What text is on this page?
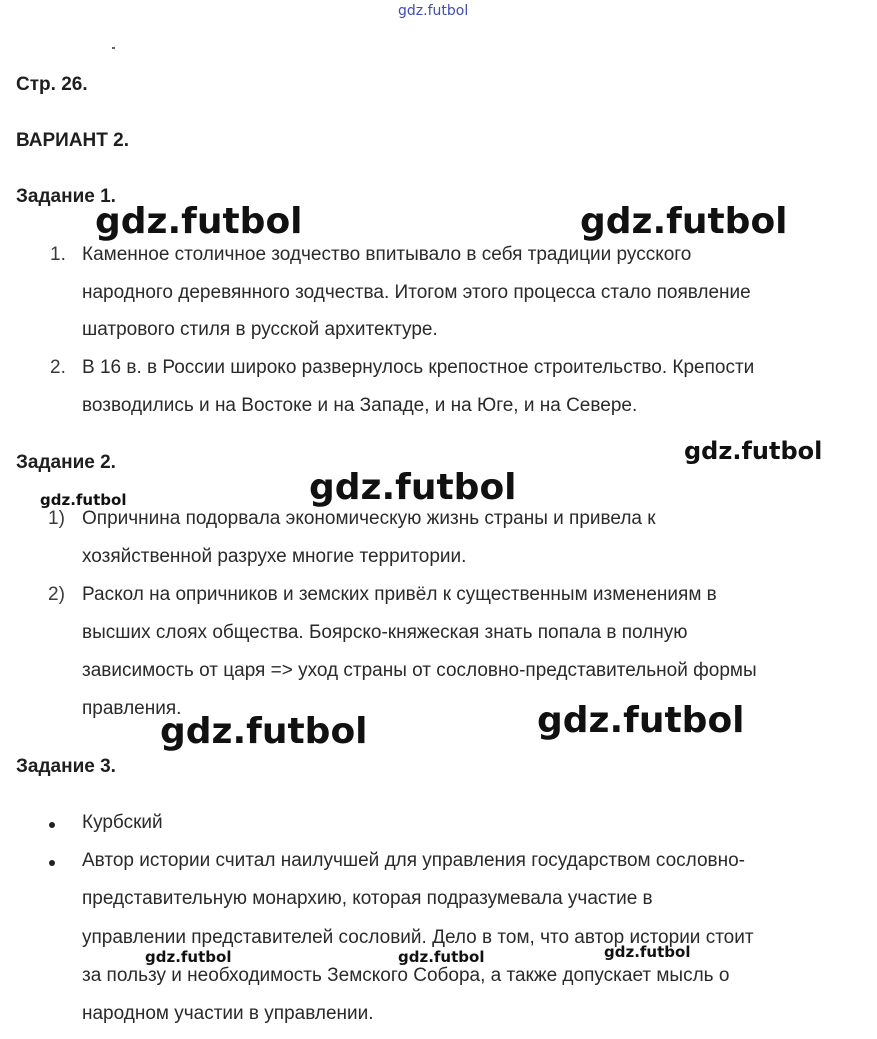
gdz.futbol
Стр. 26.
ВАРИАНТ 2.
Задание 1.
1. Каменное столичное зодчество впитывало в себя традиции русского
народного деревянного зодчества. Итогом этого процесса стало появление
шатрового стиля в русской архитектуре.
2. В 16 в. в России широко развернулось крепостное строительство. Крепости
возводились и на Востоке и на Западе, и на Юге, и на Севере.
Задание 2.
1) Опричнина подорвала экономическую жизнь страны и привела к
хозяйственной разрухе многие территории.
2) Раскол на опричников и земских привёл к существенным изменениям в
высших слоях общества. Боярско-княжеская знать попала в полную
зависимость от царя => уход страны от сословно-представительной формы
правления.
Задание 3.
Курбский
Автор истории считал наилучшей для управления государством сословно-
представительную монархию, которая подразумевала участие в
управлении представителей сословий. Дело в том, что автор истории стоит
за пользу и необходимость Земского Собора, а также допускает мысль о
народном участии в управлении.
gdz.futbol	gdz.futbol
gdz.futbol
gdz.futbol	gdz.futbol
gdz.futbol
gdz.futbol
gdz.futbol	gdz.futbol	gdz.futbol
